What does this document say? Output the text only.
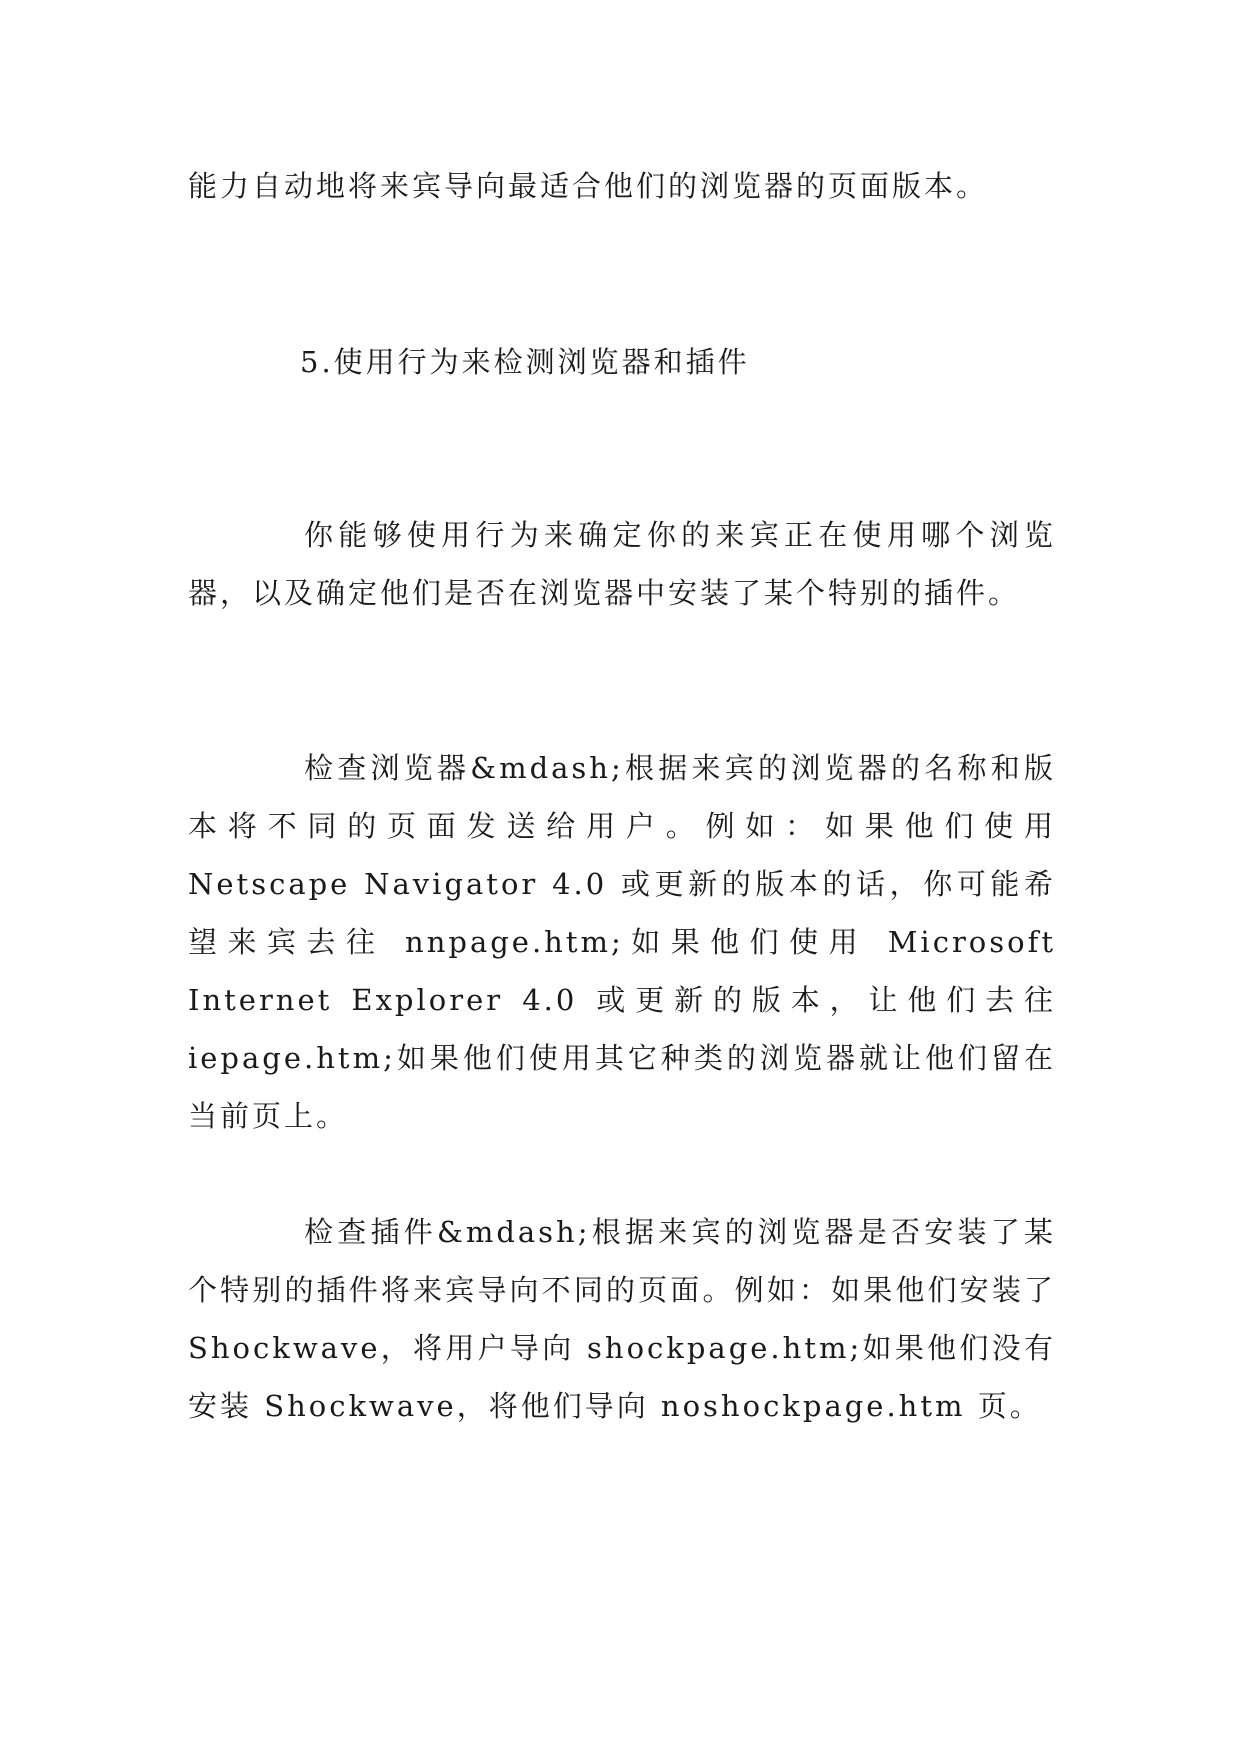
能力自动地将来宾导向最适合他们的浏览器的页面版本。

5.使用行为来检测浏览器和插件

你能够使用行为来确定你的来宾正在使用哪个浏览器，以及确定他们是否在浏览器中安装了某个特别的插件。

检查浏览器&mdash;根据来宾的浏览器的名称和版本将不同的页面发送给用户。例如：如果他们使用 Netscape Navigator 4.0 或更新的版本的话，你可能希望来宾去往 nnpage.htm;如果他们使用 Microsoft Internet Explorer 4.0 或更新的版本，让他们去往 iepage.htm;如果他们使用其它种类的浏览器就让他们留在当前页上。

检查插件&mdash;根据来宾的浏览器是否安装了某个特别的插件将来宾导向不同的页面。例如：如果他们安装了 Shockwave，将用户导向 shockpage.htm;如果他们没有安装 Shockwave，将他们导向 noshockpage.htm 页。
